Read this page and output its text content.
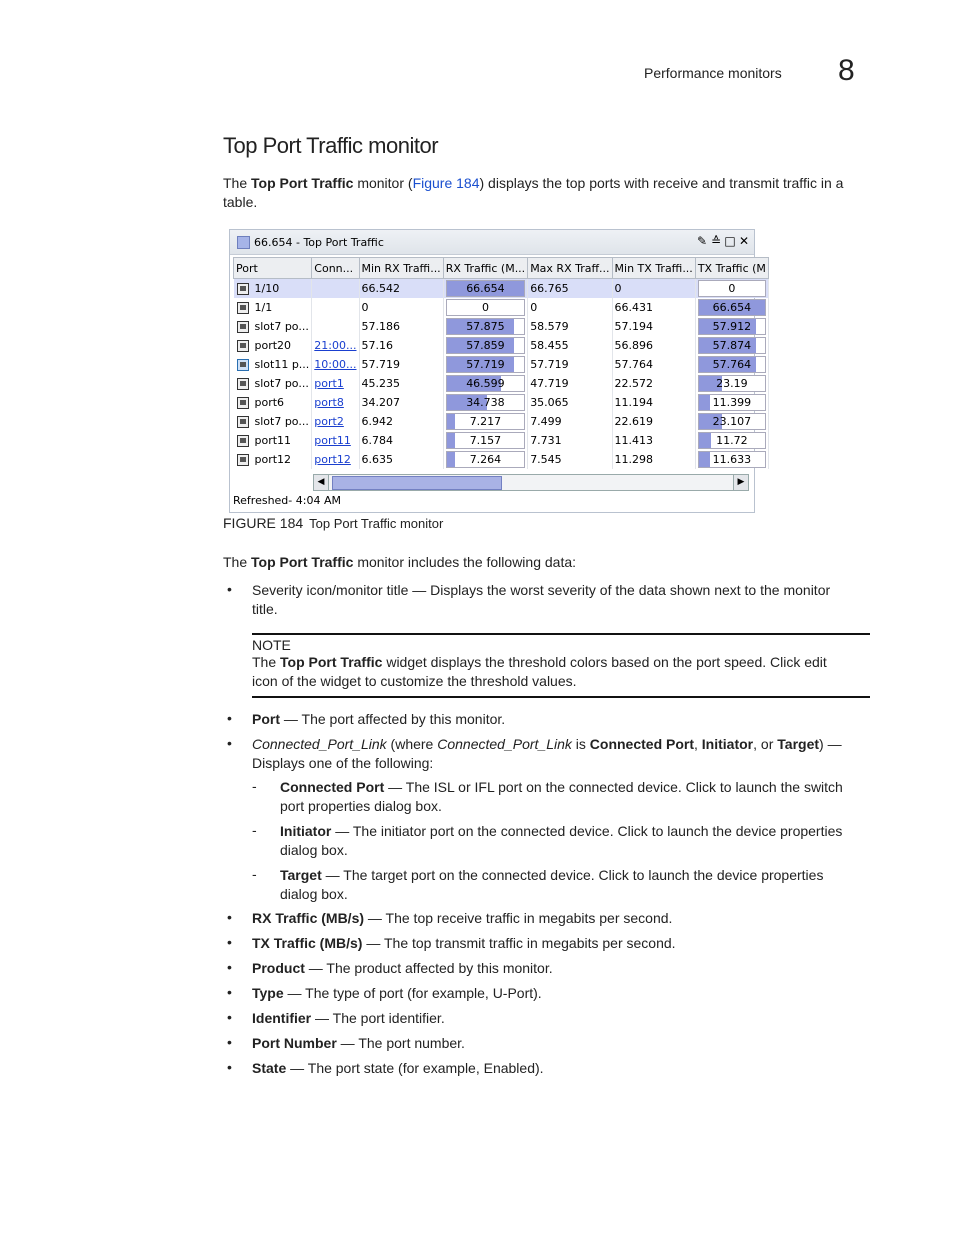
Performance monitors 8
Top Port Traffic monitor
The Top Port Traffic monitor (Figure 184) displays the top ports with receive and transmit traffic in a
table.
66.654 - Top Port Traffic	✎ ≙ □ ✕
Port	Conn...	Min RX Traffi...	RX Traffic (M...	Max RX Traff...	Min TX Traffi...	TX Traffic (M
1/10		66.542	66.654	66.765	0	0

1/1		0	0	0	66.431	66.654

slot7 po...		57.186	57.875	58.579	57.194	57.912

port20	21:00...	57.16	57.859	58.455	56.896	57.874

slot11 p...	10:00...	57.719	57.719	57.719	57.764	57.764

slot7 po...	port1	45.235	46.599	47.719	22.572	23.19

port6	port8	34.207	34.738	35.065	11.194	11.399

slot7 po...	port2	6.942	7.217	7.499	22.619	23.107

port11	port11	6.784	7.157	7.731	11.413	11.72

port12	port12	6.635	7.264	7.545	11.298	11.633
◀	▶
Refreshed- 4:04 AM
FIGURE 184 Top Port Traffic monitor
The Top Port Traffic monitor includes the following data:
• Severity icon/monitor title — Displays the worst severity of the data shown next to the monitor
title.
NOTE
The Top Port Traffic widget displays the threshold colors based on the port speed. Click edit
icon of the widget to customize the threshold values.
• Port — The port affected by this monitor.
• Connected_Port_Link (where Connected_Port_Link is Connected Port, Initiator, or Target) —
Displays one of the following:
- Connected Port — The ISL or IFL port on the connected device. Click to launch the switch
port properties dialog box.
- Initiator — The initiator port on the connected device. Click to launch the device properties
dialog box.
- Target — The target port on the connected device. Click to launch the device properties
dialog box.
• RX Traffic (MB/s) — The top receive traffic in megabits per second.
• TX Traffic (MB/s) — The top transmit traffic in megabits per second.
• Product — The product affected by this monitor.
• Type — The type of port (for example, U-Port).
• Identifier — The port identifier.
• Port Number — The port number.
• State — The port state (for example, Enabled).
